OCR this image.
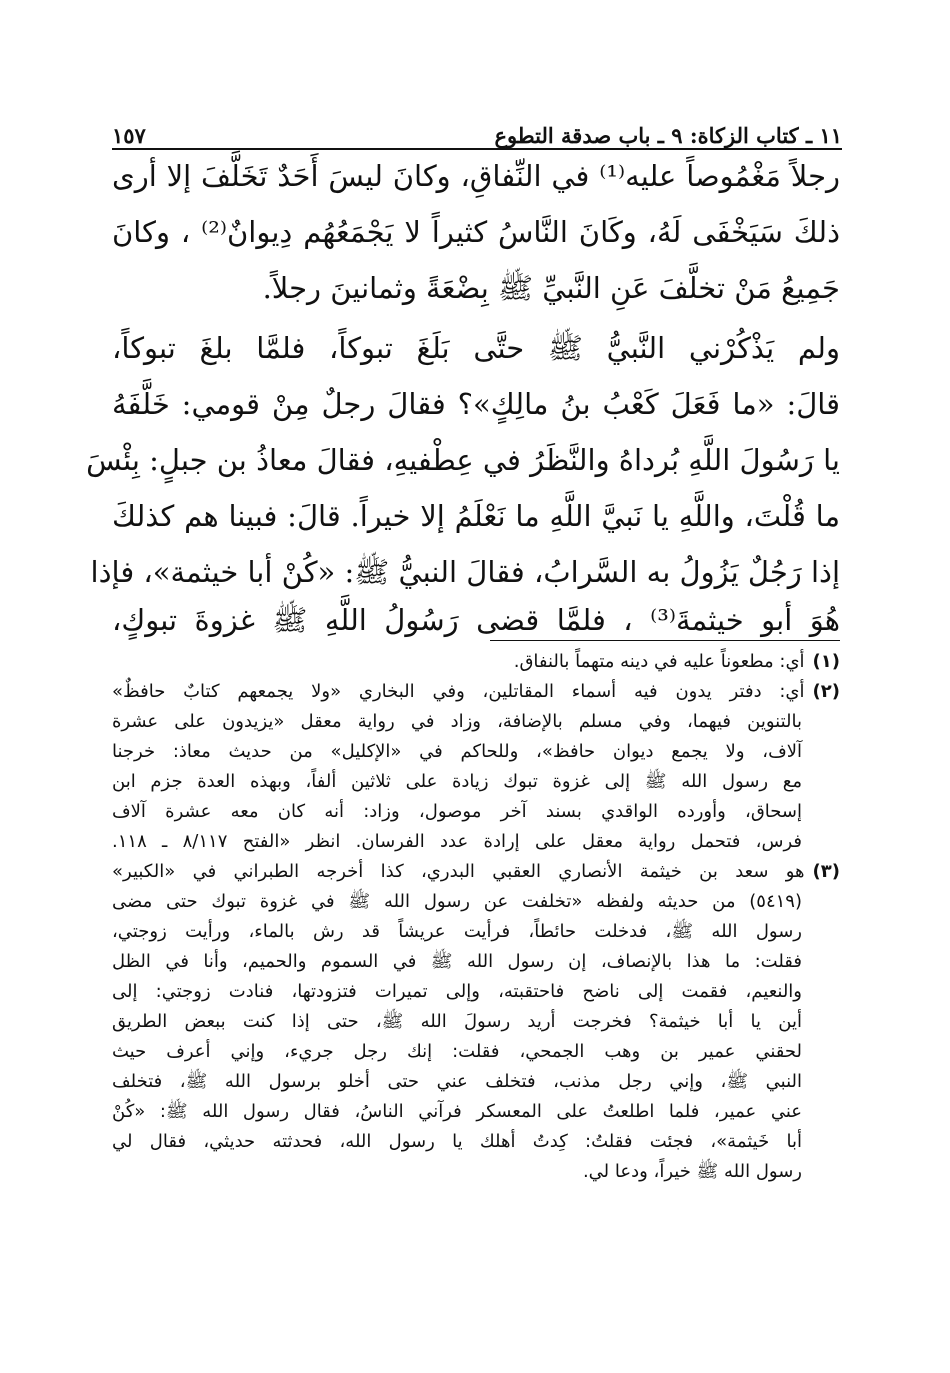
١١ ـ كتاب الزكاة: ٩ ـ باب صدقة التطوع
١٥٧
رجلاً مَغْمُوصاً عليه⁽¹⁾ في النِّفاقِ، وكانَ ليسَ أَحَدٌ تَخَلَّفَ إلا أرى
ذلكَ سَيَخْفَى لَهُ، وكَانَ النَّاسُ كثيراً لا يَجْمَعُهُم دِيوانٌ⁽²⁾ ، وكانَ
جَمِيعُ مَنْ تخلَّفَ عَنِ النَّبيِّ ﷺ بِضْعَةً وثمانينَ رجلاً.
ولم يَذْكُرْني النَّبيُّ ﷺ حتَّى بَلَغَ تبوكاً، فلمَّا بلغَ تبوكاً،
قالَ: «ما فَعَلَ كَعْبُ بنُ مالِكٍ»؟ فقالَ رجلٌ مِنْ قومي: خَلَّفَهُ
يا رَسُولَ اللَّهِ بُرداهُ والنَّظَرُ في عِطْفيهِ، فقالَ معاذُ بن جبلٍ: بِئْسَ
ما قُلْتَ، واللَّهِ يا نَبيَّ اللَّهِ ما نَعْلَمُ إلا خيراً. قالَ: فبينا هم كذلكَ
إذا رَجُلٌ يَزُولُ به السَّرابُ، فقالَ النبيُّ ﷺ: «كُنْ أبا خيثمة»، فإذا
هُوَ أبو خيثمةَ⁽³⁾ ، فلمَّا قضى رَسُولُ اللَّهِ ﷺ غزوةَ تبوكٍ،
(١)أي: مطعوناً عليه في دينه متهماً بالنفاق.
(٢)أي: دفتر يدون فيه أسماء المقاتلين، وفي البخاري «ولا يجمعهم كتابٌ حافظٌ»
بالتنوين فيهما، وفي مسلم بالإضافة، وزاد في رواية معقل «يزيدون على عشرة
آلاف، ولا يجمع ديوان حافظ»، وللحاكم في «الإكليل» من حديث معاذ: خرجنا
مع رسول الله ﷺ إلى غزوة تبوك زيادة على ثلاثين ألفاً، وبهذه العدة جزم ابن
إسحاق، وأورده الواقدي بسند آخر موصول، وزاد: أنه كان معه عشرة آلاف
فرس، فتحمل رواية معقل على إرادة عدد الفرسان. انظر «الفتح ٨/١١٧ ـ ١١٨.
(٣)هو سعد بن خيثمة الأنصاري العقبي البدري، كذا أخرجه الطبراني في «الكبير»
(٥٤١٩) من حديثه ولفظه «تخلفت عن رسول الله ﷺ في غزوة تبوك حتى مضى
رسول الله ﷺ، فدخلت حائطاً، فرأيت عريشاً قد رش بالماء، ورأيت زوجتي،
فقلت: ما هذا بالإنصاف، إن رسول الله ﷺ في السموم والحميم، وأنا في الظل
والنعيم، فقمت إلى ناضح فاحتقبته، وإلى تميرات فتزودتها، فنادت زوجتي: إلى
أين يا أبا خيثمة؟ فخرجت أريد رسولَ الله ﷺ، حتى إذا كنت ببعض الطريق
لحقني عمير بن وهب الجمحي، فقلت: إنك رجل جريء، وإني أعرف حيث
النبي ﷺ، وإني رجل مذنب، فتخلف عني حتى أخلو برسول الله ﷺ، فتخلف
عني عمير، فلما اطلعتُ على المعسكر فرآني الناسُ، فقال رسول الله ﷺ: «كُنْ
أبا خَيثمة»، فجئت فقلتُ: كِدتُ أهلك يا رسول الله، فحدثته حديثي، فقال لي
رسول الله ﷺ خيراً، ودعا لي.
